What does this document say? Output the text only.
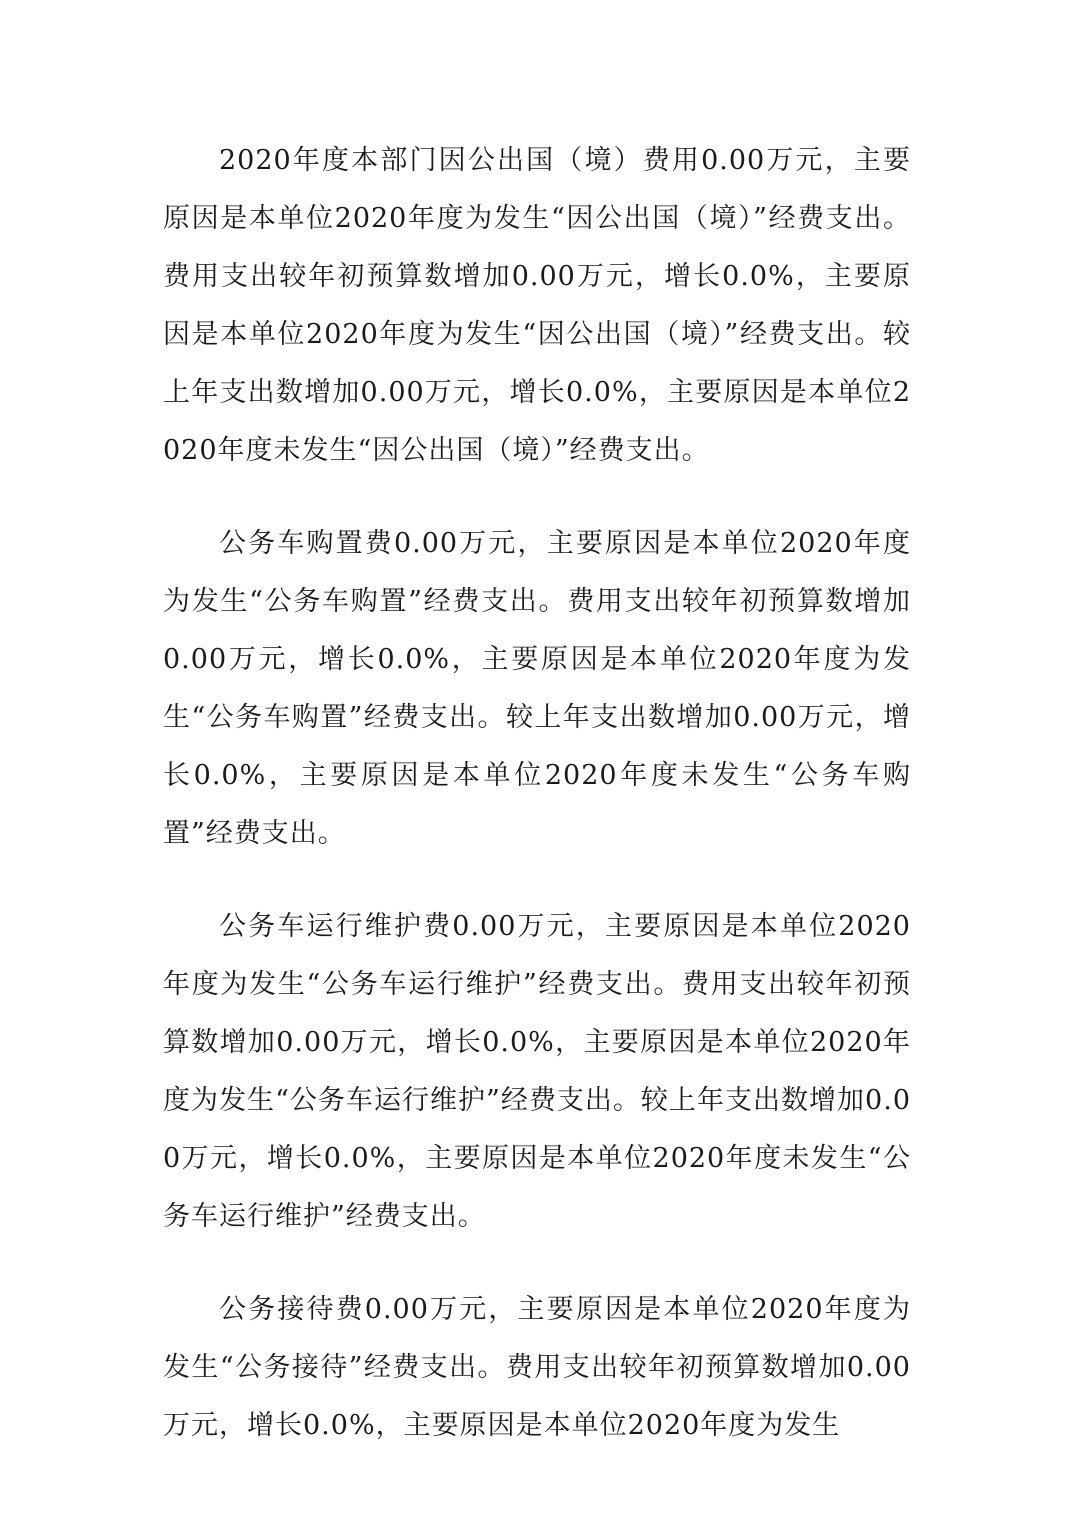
2020年度本部门因公出国（境）费用0.00万元，主要原因是本单位2020年度为发生“因公出国（境）”经费支出。费用支出较年初预算数增加0.00万元，增长0.0%，主要原因是本单位2020年度为发生“因公出国（境）”经费支出。较上年支出数增加0.00万元，增长0.0%，主要原因是本单位2020年度未发生“因公出国（境）”经费支出。

公务车购置费0.00万元，主要原因是本单位2020年度为发生“公务车购置”经费支出。费用支出较年初预算数增加0.00万元，增长0.0%，主要原因是本单位2020年度为发生“公务车购置”经费支出。较上年支出数增加0.00万元，增长0.0%，主要原因是本单位2020年度未发生“公务车购置”经费支出。

公务车运行维护费0.00万元，主要原因是本单位2020年度为发生“公务车运行维护”经费支出。费用支出较年初预算数增加0.00万元，增长0.0%，主要原因是本单位2020年度为发生“公务车运行维护”经费支出。较上年支出数增加0.00万元，增长0.0%，主要原因是本单位2020年度未发生“公务车运行维护”经费支出。

公务接待费0.00万元，主要原因是本单位2020年度为发生“公务接待”经费支出。费用支出较年初预算数增加0.00万元，增长0.0%，主要原因是本单位2020年度为发生
